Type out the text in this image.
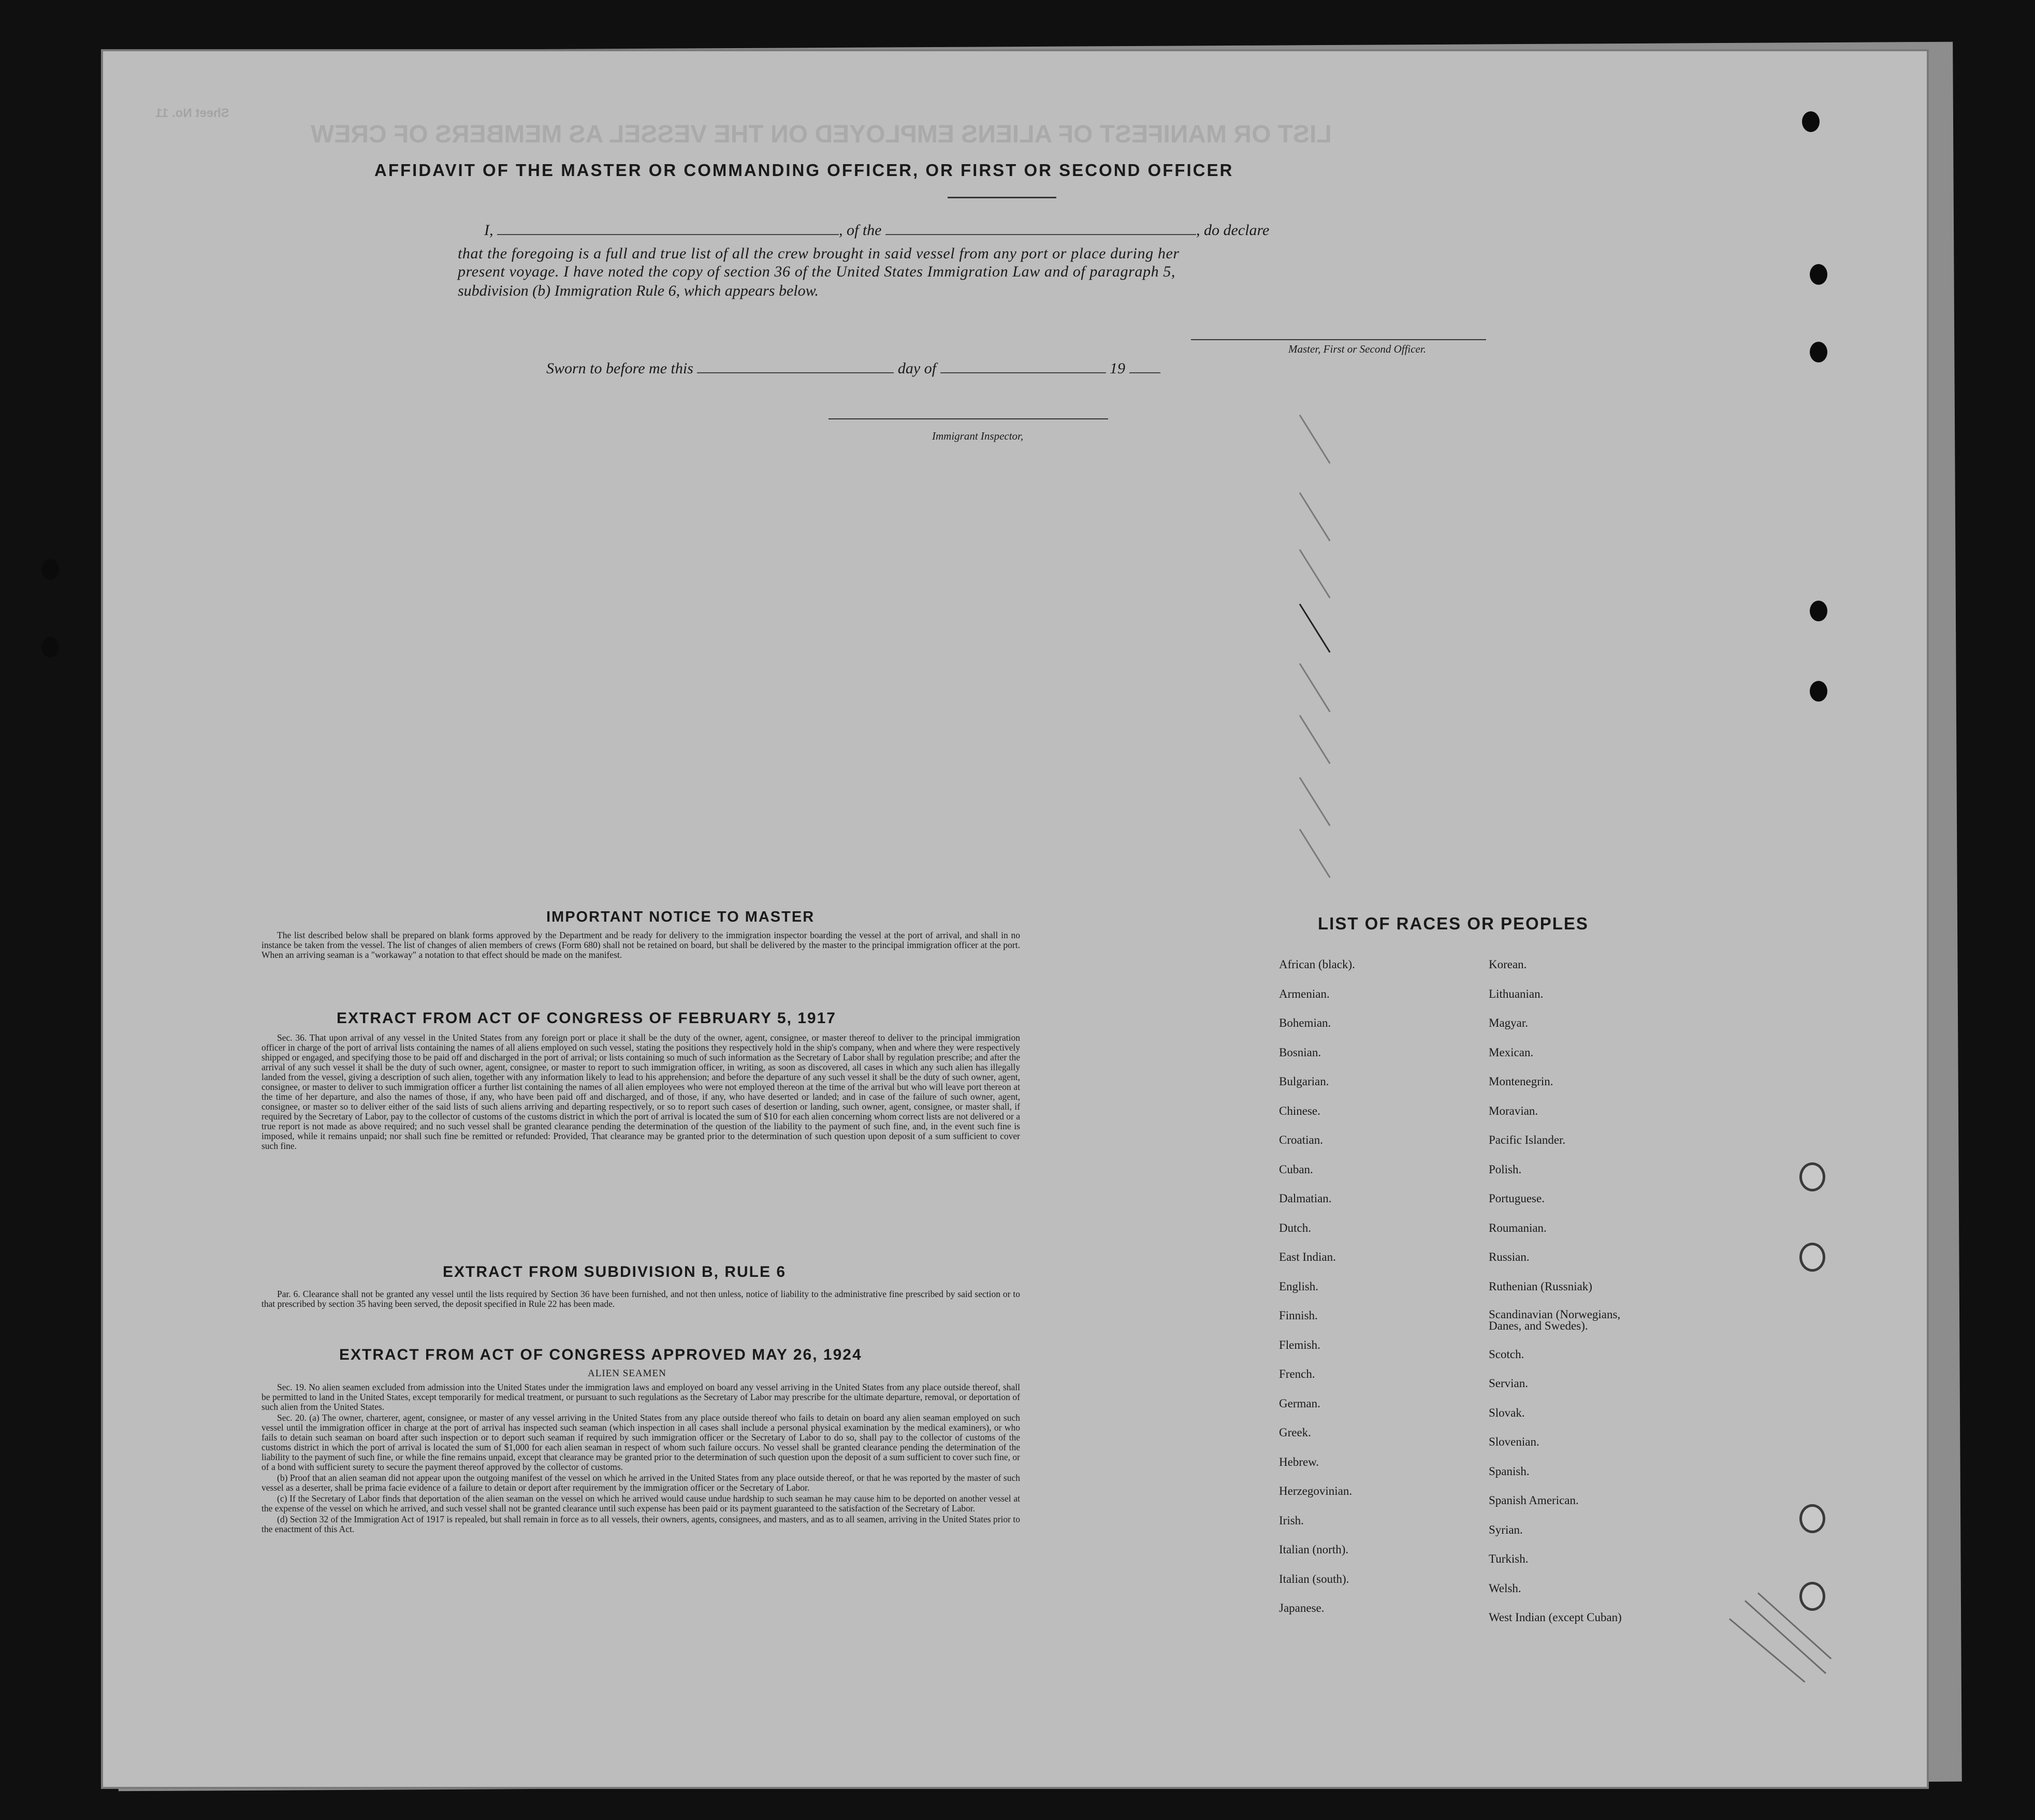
LIST OR MANIFEST OF ALIENS EMPLOYED ON THE VESSEL AS MEMBERS OF CREW
Sheet No. 11
AFFIDAVIT OF THE MASTER OR COMMANDING OFFICER, OR FIRST OR SECOND OFFICER
I,	, of the	, do declare
that the foregoing is a full and true list of all the crew brought in said vessel from any port or place during her
present voyage. I have noted the copy of section 36 of the United States Immigration Law and of paragraph 5,
subdivision (b) Immigration Rule 6, which appears below.
Master, First or Second Officer.
Sworn to before me this	day of	19
Immigrant Inspector,
IMPORTANT NOTICE TO MASTER

The list described below shall be prepared on blank forms approved by the Department and be ready for delivery to the immigration inspector boarding the vessel at the port of arrival, and shall in no instance be taken from the vessel. The list of changes of alien members of crews (Form 680) shall not be retained on board, but shall be delivered by the master to the principal immigration officer at the port. When an arriving seaman is a "workaway" a notation to that effect should be made on the manifest.

EXTRACT FROM ACT OF CONGRESS OF FEBRUARY 5, 1917

Sec. 36. That upon arrival of any vessel in the United States from any foreign port or place it shall be the duty of the owner, agent, consignee, or master thereof to deliver to the principal immigration officer in charge of the port of arrival lists containing the names of all aliens employed on such vessel, stating the positions they respectively hold in the ship's company, when and where they were respectively shipped or engaged, and specifying those to be paid off and discharged in the port of arrival; or lists containing so much of such information as the Secretary of Labor shall by regulation prescribe; and after the arrival of any such vessel it shall be the duty of such owner, agent, consignee, or master to report to such immigration officer, in writing, as soon as discovered, all cases in which any such alien has illegally landed from the vessel, giving a description of such alien, together with any information likely to lead to his apprehension; and before the departure of any such vessel it shall be the duty of such owner, agent, consignee, or master to deliver to such immigration officer a further list containing the names of all alien employees who were not employed thereon at the time of the arrival but who will leave port thereon at the time of her departure, and also the names of those, if any, who have been paid off and discharged, and of those, if any, who have deserted or landed; and in case of the failure of such owner, agent, consignee, or master so to deliver either of the said lists of such aliens arriving and departing respectively, or so to report such cases of desertion or landing, such owner, agent, consignee, or master shall, if required by the Secretary of Labor, pay to the collector of customs of the customs district in which the port of arrival is located the sum of $10 for each alien concerning whom correct lists are not delivered or a true report is not made as above required; and no such vessel shall be granted clearance pending the determination of the question of the liability to the payment of such fine, and, in the event such fine is imposed, while it remains unpaid; nor shall such fine be remitted or refunded: Provided, That clearance may be granted prior to the determination of such question upon deposit of a sum sufficient to cover such fine.

EXTRACT FROM SUBDIVISION B, RULE 6

Par. 6. Clearance shall not be granted any vessel until the lists required by Section 36 have been furnished, and not then unless, notice of liability to the administrative fine prescribed by said section or to that prescribed by section 35 having been served, the deposit specified in Rule 22 has been made.

EXTRACT FROM ACT OF CONGRESS APPROVED MAY 26, 1924
ALIEN SEAMEN

Sec. 19. No alien seamen excluded from admission into the United States under the immigration laws and employed on board any vessel arriving in the United States from any place outside thereof, shall be permitted to land in the United States, except temporarily for medical treatment, or pursuant to such regulations as the Secretary of Labor may prescribe for the ultimate departure, removal, or deportation of such alien from the United States.

Sec. 20. (a) The owner, charterer, agent, consignee, or master of any vessel arriving in the United States from any place outside thereof who fails to detain on board any alien seaman employed on such vessel until the immigration officer in charge at the port of arrival has inspected such seaman (which inspection in all cases shall include a personal physical examination by the medical examiners), or who fails to detain such seaman on board after such inspection or to deport such seaman if required by such immigration officer or the Secretary of Labor to do so, shall pay to the collector of customs of the customs district in which the port of arrival is located the sum of $1,000 for each alien seaman in respect of whom such failure occurs. No vessel shall be granted clearance pending the determination of the liability to the payment of such fine, or while the fine remains unpaid, except that clearance may be granted prior to the determination of such question upon the deposit of a sum sufficient to cover such fine, or of a bond with sufficient surety to secure the payment thereof approved by the collector of customs.

(b) Proof that an alien seaman did not appear upon the outgoing manifest of the vessel on which he arrived in the United States from any place outside thereof, or that he was reported by the master of such vessel as a deserter, shall be prima facie evidence of a failure to detain or deport after requirement by the immigration officer or the Secretary of Labor.

(c) If the Secretary of Labor finds that deportation of the alien seaman on the vessel on which he arrived would cause undue hardship to such seaman he may cause him to be deported on another vessel at the expense of the vessel on which he arrived, and such vessel shall not be granted clearance until such expense has been paid or its payment guaranteed to the satisfaction of the Secretary of Labor.

(d) Section 32 of the Immigration Act of 1917 is repealed, but shall remain in force as to all vessels, their owners, agents, consignees, and masters, and as to all seamen, arriving in the United States prior to the enactment of this Act.

LIST OF RACES OR PEOPLES
African (black).
Armenian.
Bohemian.
Bosnian.
Bulgarian.
Chinese.
Croatian.
Cuban.
Dalmatian.
Dutch.
East Indian.
English.
Finnish.
Flemish.
French.
German.
Greek.
Hebrew.
Herzegovinian.
Irish.
Italian (north).
Italian (south).
Japanese.
Korean.
Lithuanian.
Magyar.
Mexican.
Montenegrin.
Moravian.
Pacific Islander.
Polish.
Portuguese.
Roumanian.
Russian.
Ruthenian (Russniak)
Scandinavian (Norwegians, Danes, and Swedes).
Scotch.
Servian.
Slovak.
Slovenian.
Spanish.
Spanish American.
Syrian.
Turkish.
Welsh.
West Indian (except Cuban)
